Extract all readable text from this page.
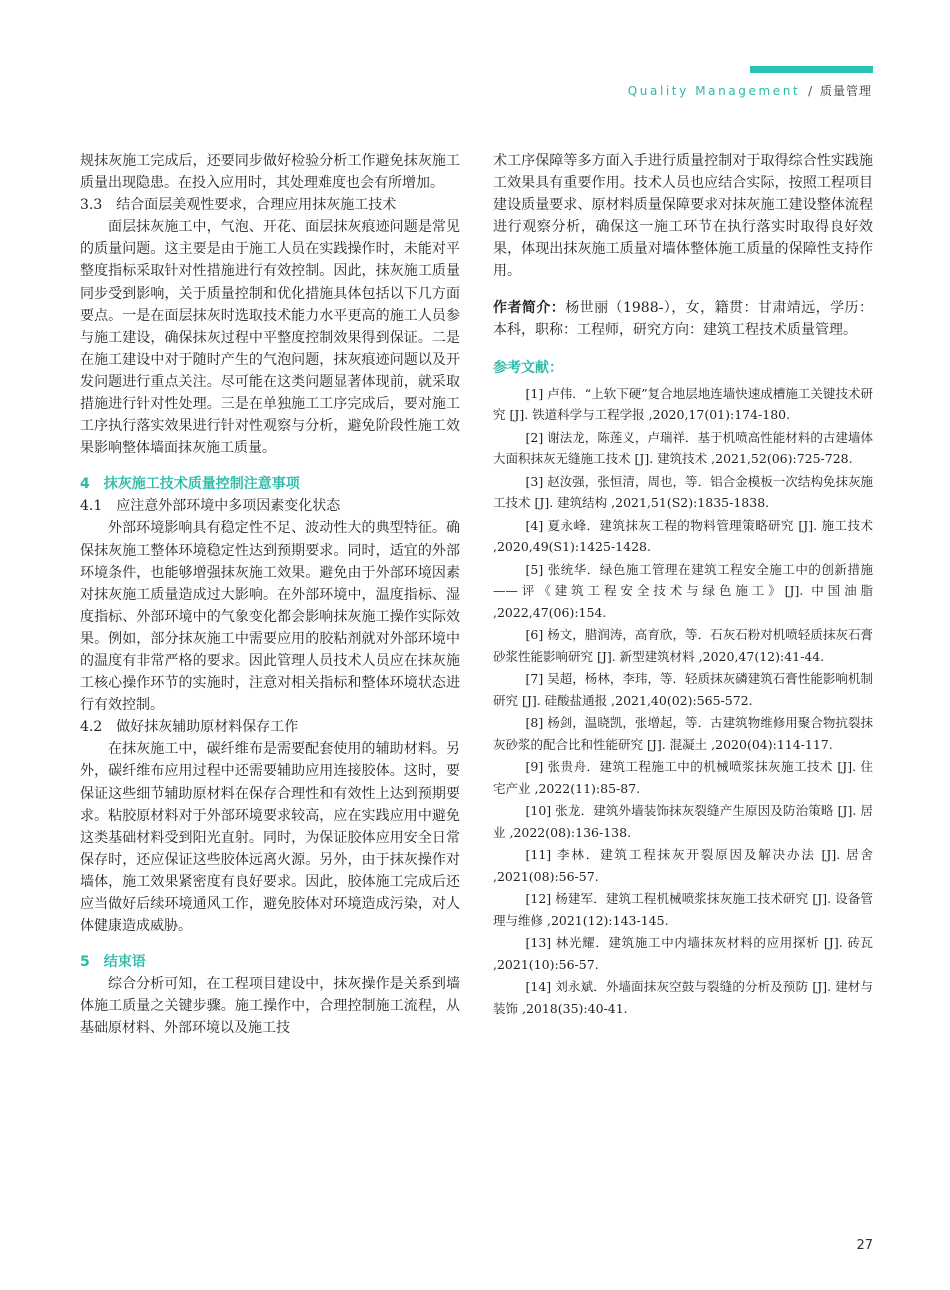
Quality Management / 质量管理

规抹灰施工完成后，还要同步做好检验分析工作避免抹灰施工质量出现隐患。在投入应用时，其处理难度也会有所增加。

3.3　结合面层美观性要求，合理应用抹灰施工技术

面层抹灰施工中，气泡、开花、面层抹灰痕迹问题是常见的质量问题。这主要是由于施工人员在实践操作时，未能对平整度指标采取针对性措施进行有效控制。因此，抹灰施工质量同步受到影响，关于质量控制和优化措施具体包括以下几方面要点。一是在面层抹灰时选取技术能力水平更高的施工人员参与施工建设，确保抹灰过程中平整度控制效果得到保证。二是在施工建设中对于随时产生的气泡问题，抹灰痕迹问题以及开发问题进行重点关注。尽可能在这类问题显著体现前，就采取措施进行针对性处理。三是在单独施工工序完成后，要对施工工序执行落实效果进行针对性观察与分析，避免阶段性施工效果影响整体墙面抹灰施工质量。

4　抹灰施工技术质量控制注意事项

4.1　应注意外部环境中多项因素变化状态

外部环境影响具有稳定性不足、波动性大的典型特征。确保抹灰施工整体环境稳定性达到预期要求。同时，适宜的外部环境条件，也能够增强抹灰施工效果。避免由于外部环境因素对抹灰施工质量造成过大影响。在外部环境中，温度指标、湿度指标、外部环境中的气象变化都会影响抹灰施工操作实际效果。例如，部分抹灰施工中需要应用的胶粘剂就对外部环境中的温度有非常严格的要求。因此管理人员技术人员应在抹灰施工核心操作环节的实施时，注意对相关指标和整体环境状态进行有效控制。

4.2　做好抹灰辅助原材料保存工作

在抹灰施工中，碳纤维布是需要配套使用的辅助材料。另外，碳纤维布应用过程中还需要辅助应用连接胶体。这时，要保证这些细节辅助原材料在保存合理性和有效性上达到预期要求。粘胶原材料对于外部环境要求较高，应在实践应用中避免这类基础材料受到阳光直射。同时，为保证胶体应用安全日常保存时，还应保证这些胶体远离火源。另外，由于抹灰操作对墙体，施工效果紧密度有良好要求。因此，胶体施工完成后还应当做好后续环境通风工作，避免胶体对环境造成污染，对人体健康造成威胁。

5　结束语

综合分析可知，在工程项目建设中，抹灰操作是关系到墙体施工质量之关键步骤。施工操作中，合理控制施工流程，从基础原材料、外部环境以及施工技

术工序保障等多方面入手进行质量控制对于取得综合性实践施工效果具有重要作用。技术人员也应结合实际，按照工程项目建设质量要求、原材料质量保障要求对抹灰施工建设整体流程进行观察分析，确保这一施工环节在执行落实时取得良好效果，体现出抹灰施工质量对墙体整体施工质量的保障性支持作用。

作者简介：杨世丽（1988-），女，籍贯：甘肃靖远，学历：本科，职称：工程师，研究方向：建筑工程技术质量管理。

参考文献：
[1] 卢伟．“上软下硬”复合地层地连墙快速成槽施工关键技术研究 [J]. 铁道科学与工程学报 ,2020,17(01):174-180.
[2] 谢法龙，陈莲义，卢瑞祥．基于机喷高性能材料的古建墙体大面积抹灰无缝施工技术 [J]. 建筑技术 ,2021,52(06):725-728.
[3] 赵汝强，张恒清，周也，等．铝合金模板一次结构免抹灰施工技术 [J]. 建筑结构 ,2021,51(S2):1835-1838.
[4] 夏永峰．建筑抹灰工程的物料管理策略研究 [J]. 施工技术 ,2020,49(S1):1425-1428.
[5] 张统华．绿色施工管理在建筑工程安全施工中的创新措施——评《建筑工程安全技术与绿色施工》[J]. 中国油脂 ,2022,47(06):154.
[6] 杨文，腊润涛，高育欣，等．石灰石粉对机喷轻质抹灰石膏砂浆性能影响研究 [J]. 新型建筑材料 ,2020,47(12):41-44.
[7] 吴超，杨林，李玮，等．轻质抹灰磷建筑石膏性能影响机制研究 [J]. 硅酸盐通报 ,2021,40(02):565-572.
[8] 杨剑，温晓凯，张增起，等．古建筑物维修用聚合物抗裂抹灰砂浆的配合比和性能研究 [J]. 混凝土 ,2020(04):114-117.
[9] 张贵舟．建筑工程施工中的机械喷浆抹灰施工技术 [J]. 住宅产业 ,2022(11):85-87.
[10] 张龙．建筑外墙装饰抹灰裂缝产生原因及防治策略 [J]. 居业 ,2022(08):136-138.
[11] 李林．建筑工程抹灰开裂原因及解决办法 [J]. 居舍 ,2021(08):56-57.
[12] 杨建军．建筑工程机械喷浆抹灰施工技术研究 [J]. 设备管理与维修 ,2021(12):143-145.
[13] 林光耀．建筑施工中内墙抹灰材料的应用探析 [J]. 砖瓦 ,2021(10):56-57.
[14] 刘永斌．外墙面抹灰空鼓与裂缝的分析及预防 [J]. 建材与装饰 ,2018(35):40-41.
27
